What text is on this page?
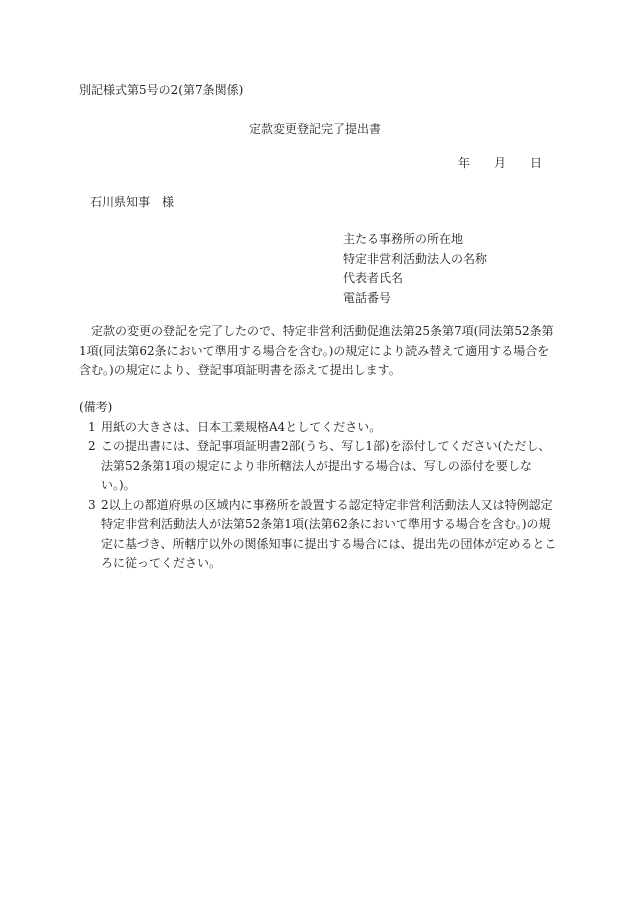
別記様式第5号の2(第7条関係)
定款変更登記完了提出書
年 月 日
石川県知事 様
主たる事務所の所在地
特定非営利活動法人の名称
代表者氏名
電話番号

　定款の変更の登記を完了したので、特定非営利活動促進法第25条第7項(同法第52条第1項(同法第62条において準用する場合を含む。)の規定により読み替えて適用する場合を含む。)の規定により、登記事項証明書を添えて提出します。

(備考)
1 用紙の大きさは、日本工業規格A4としてください。
2 この提出書には、登記事項証明書2部(うち、写し1部)を添付してください(ただし、法第52条第1項の規定により非所轄法人が提出する場合は、写しの添付を要しない。)。
3 2以上の都道府県の区域内に事務所を設置する認定特定非営利活動法人又は特例認定特定非営利活動法人が法第52条第1項(法第62条において準用する場合を含む。)の規定に基づき、所轄庁以外の関係知事に提出する場合には、提出先の団体が定めるところに従ってください。
